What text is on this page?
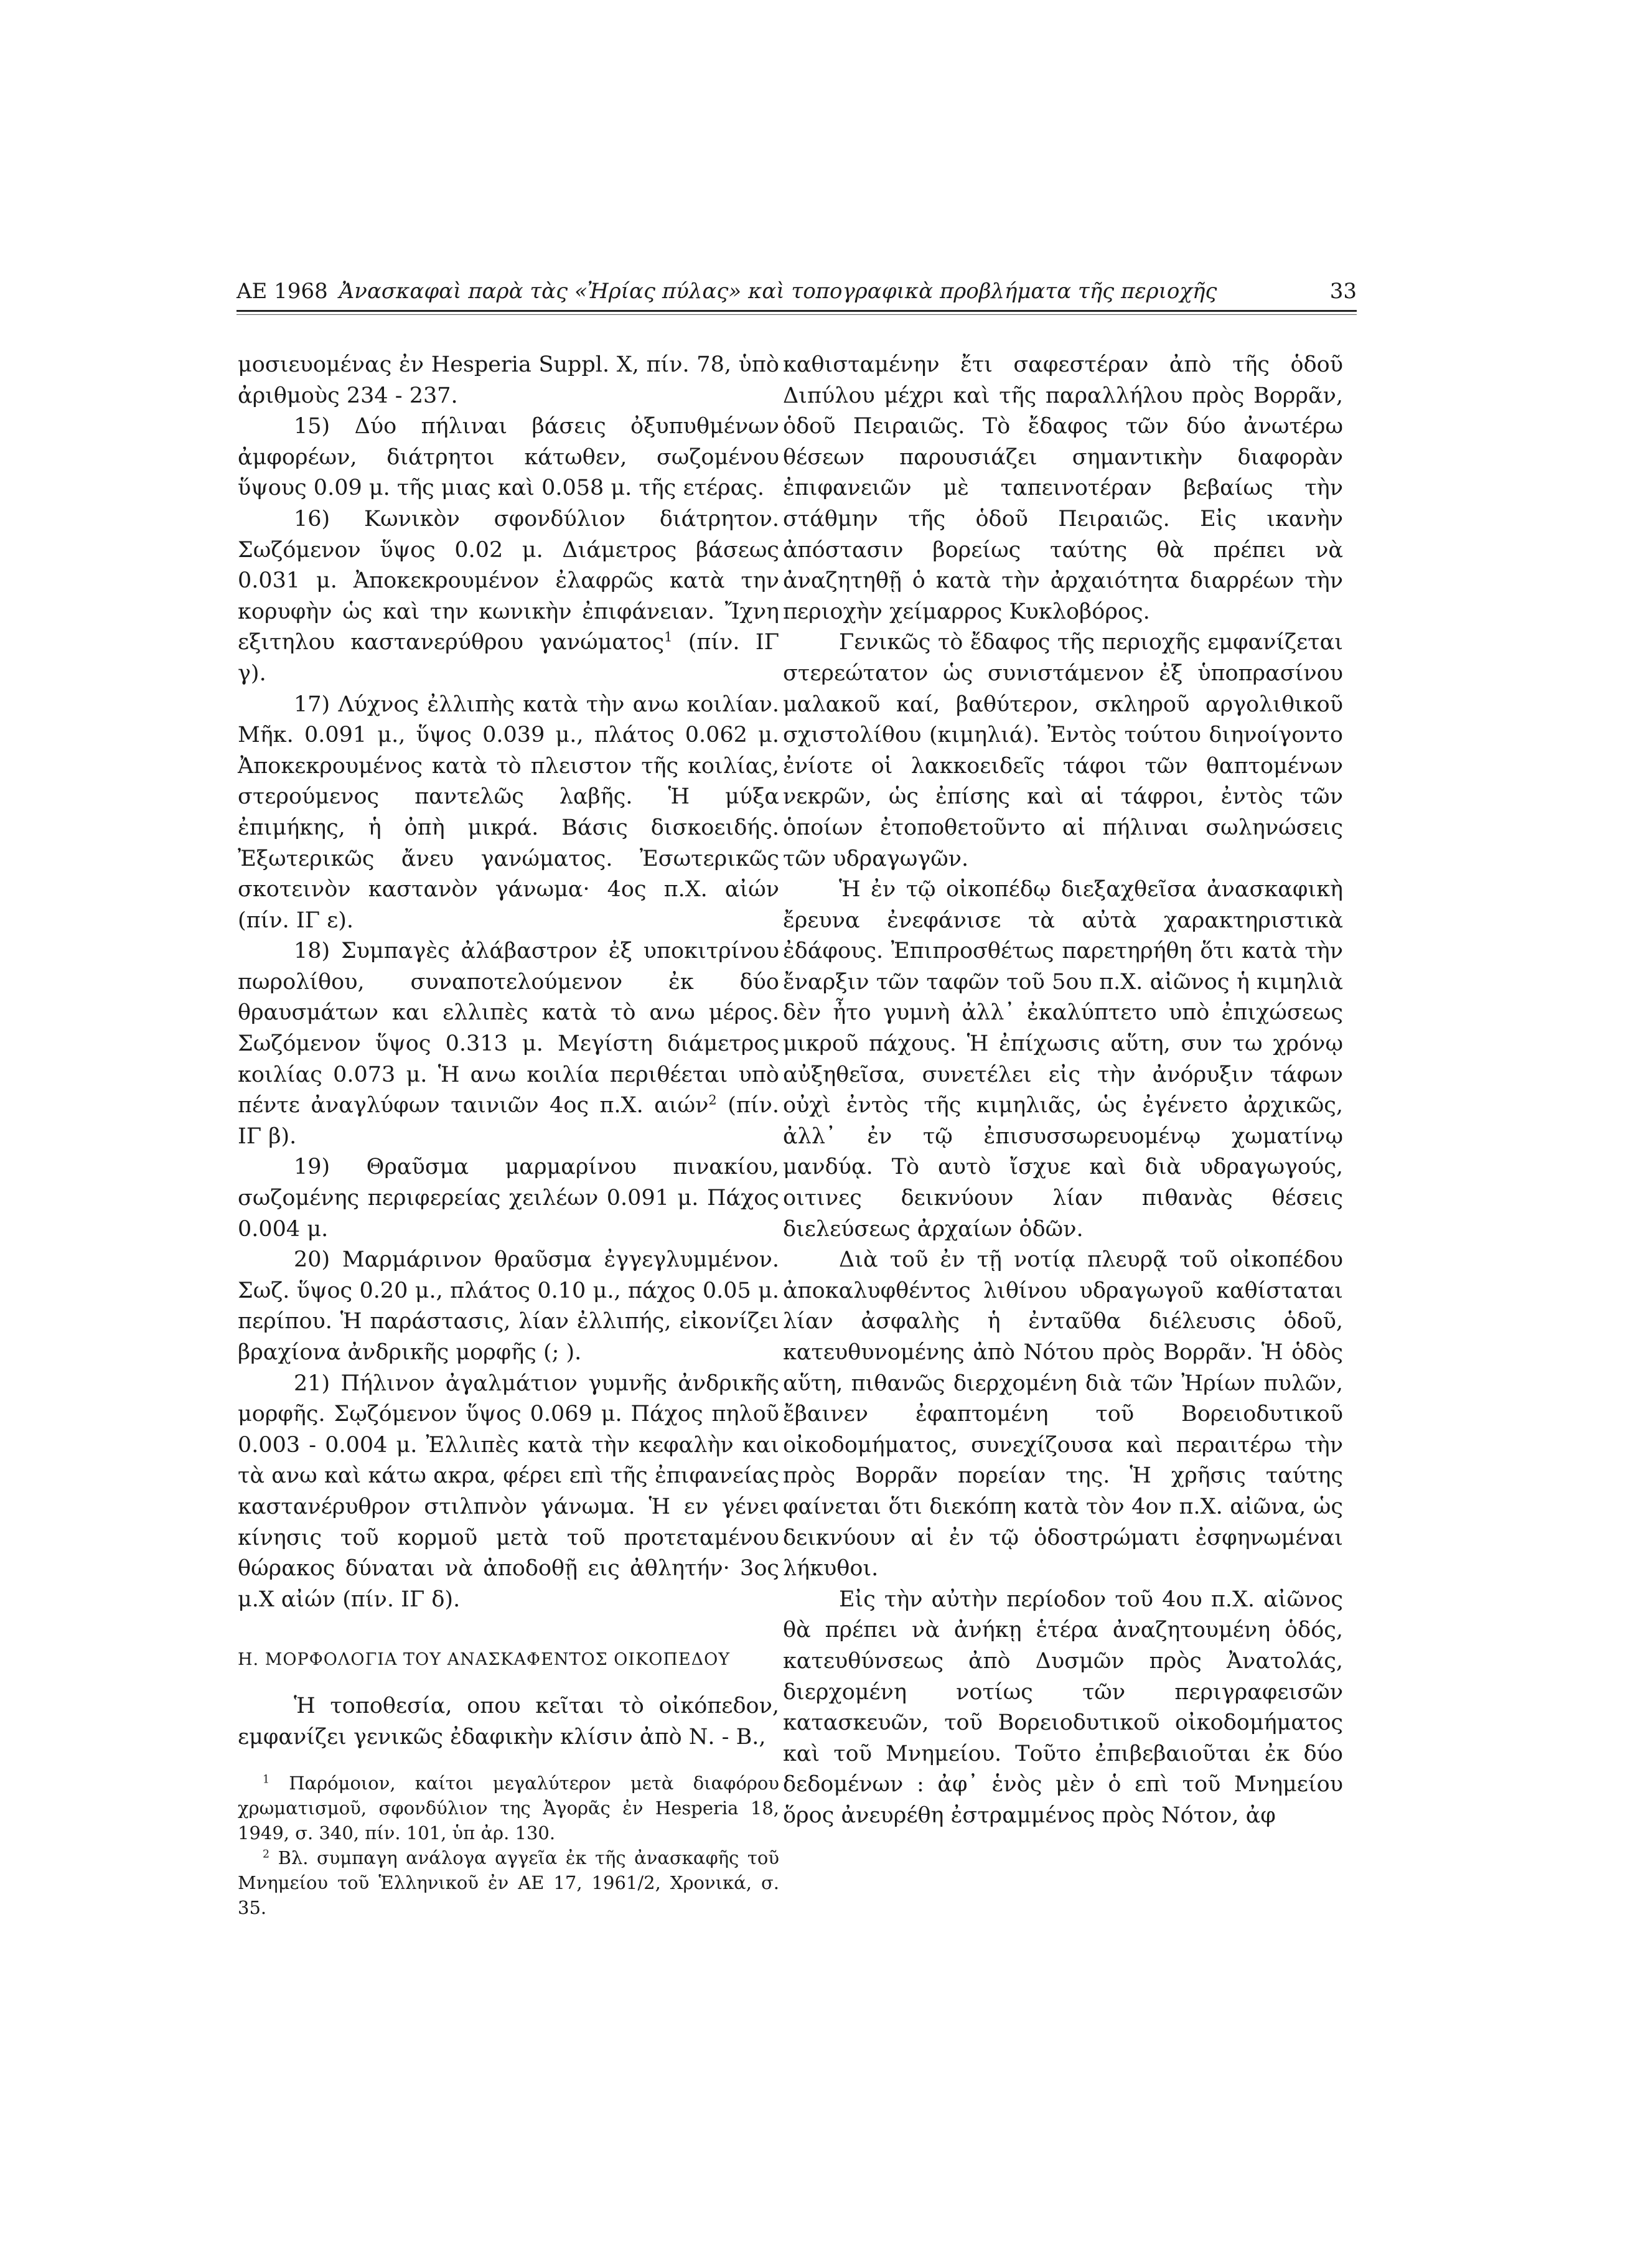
ΑΕ 1968 Ἀνασκαφαὶ παρὰ τὰς «Ἠρίας πύλας» καὶ τοπογραφικὰ προβλήματα τῆς περιοχῆς	33

μοσιευομένας ἐν Hesperia Suppl. X, πίν. 78, ὑπὸ ἀριθμοὺς 234 - 237.

15) Δύο πήλιναι βάσεις ὀξυπυθμένων ἀμφορέων, διάτρητοι κάτωθεν, σωζομένου ὕψους 0.09 μ. τῆς μιας καὶ 0.058 μ. τῆς ετέρας.

16) Κωνικὸν σφονδύλιον διάτρητον. Σωζόμενον ὕψος 0.02 μ. Διάμετρος βάσεως 0.031 μ. Ἀποκεκρουμένον ἐλαφρῶς κατὰ την κορυφὴν ὡς καὶ την κωνικὴν ἐπιφάνειαν. Ἴχνη εξιτηλου καστανερύθρου γανώματος$^1$ (πίν. ΙΓ γ).

17) Λύχνος ἐλλιπὴς κατὰ τὴν ανω κοιλίαν. Μῆκ. 0.091 μ., ὕψος 0.039 μ., πλάτος 0.062 μ. Ἀποκεκρουμένος κατὰ τὸ πλειστον τῆς κοιλίας, στερούμενος παντελῶς λαβῆς. Ἡ μύξα ἐπιμήκης, ἡ ὀπὴ μικρά. Βάσις δισκοειδής. Ἐξωτερικῶς ἄνευ γανώματος. Ἐσωτερικῶς σκοτεινὸν καστανὸν γάνωμα· 4ος π.Χ. αἰών (πίν. ΙΓ ε).

18) Συμπαγὲς ἀλάβαστρον ἐξ υποκιτρίνου πωρολίθου, συναποτελούμενον ἐκ δύο θραυσμάτων και ελλιπὲς κατὰ τὸ ανω μέρος. Σωζόμενον ὕψος 0.313 μ. Μεγίστη διάμετρος κοιλίας 0.073 μ. Ἡ ανω κοιλία περιθέεται υπὸ πέντε ἀναγλύφων ταινιῶν 4ος π.Χ. αιών$^2$ (πίν. ΙΓ β).

19) Θραῦσμα μαρμαρίνου πινακίου, σωζομένης περιφερείας χειλέων 0.091 μ. Πάχος 0.004 μ.

20) Μαρμάρινον θραῦσμα ἐγγεγλυμμένον. Σωζ. ὕψος 0.20 μ., πλάτος 0.10 μ., πάχος 0.05 μ. περίπου. Ἡ παράστασις, λίαν ἐλλιπής, εἰκονίζει βραχίονα ἀνδρικῆς μορφῆς (; ).

21) Πήλινον ἀγαλμάτιον γυμνῆς ἀνδρικῆς μορφῆς. Σῳζόμενον ὕψος 0.069 μ. Πάχος πηλοῦ 0.003 - 0.004 μ. Ἐλλιπὲς κατὰ τὴν κεφαλὴν και τὰ ανω καὶ κάτω ακρα, φέρει επὶ τῆς ἐπιφανείας καστανέρυθρον στιλπνὸν γάνωμα. Ἡ εν γένει κίνησις τοῦ κορμοῦ μετὰ τοῦ προτεταμένου θώρακος δύναται νὰ ἀποδοθῇ εις ἀθλητήν· 3ος μ.Χ αἰών (πίν. ΙΓ δ).

Η. ΜΟΡΦΟΛΟΓΙΑ ΤΟΥ ΑΝΑΣΚΑΦΕΝΤΟΣ ΟΙΚΟΠΕΔΟΥ

Ἡ τοποθεσία, οπου κεῖται τὸ οἰκόπεδον, εμφανίζει γενικῶς ἐδαφικὴν κλίσιν ἀπὸ Ν. - Β.,

$^1$ Παρόμοιον, καίτοι μεγαλύτερον μετὰ διαφόρου χρωματισμοῦ, σφονδύλιον της Ἀγορᾶς ἐν Hesperia 18, 1949, σ. 340, πίν. 101, ὑπ ἀρ. 130.

$^2$ Βλ. συμπαγη ανάλογα αγγεῖα ἐκ τῆς ἀνασκαφῆς τοῦ Μνημείου τοῦ Ἑλληνικοῦ ἐν ΑΕ 17, 1961/2, Χρονικά, σ. 35.

καθισταμένην ἔτι σαφεστέραν ἀπὸ τῆς ὁδοῦ Διπύλου μέχρι καὶ τῆς παραλλήλου πρὸς Βορρᾶν, ὁδοῦ Πειραιῶς. Τὸ ἔδαφος τῶν δύο ἀνωτέρω θέσεων παρουσιάζει σημαντικὴν διαφορὰν ἐπιφανειῶν μὲ ταπεινοτέραν βεβαίως τὴν στάθμην τῆς ὁδοῦ Πειραιῶς. Εἰς ικανὴν ἀπόστασιν βορείως ταύτης θὰ πρέπει νὰ ἀναζητηθῇ ὁ κατὰ τὴν ἀρχαιότητα διαρρέων τὴν περιοχὴν χείμαρρος Κυκλοβόρος.

Γενικῶς τὸ ἔδαφος τῆς περιοχῆς εμφανίζεται στερεώτατον ὡς συνιστάμενον ἐξ ὑποπρασίνου μαλακοῦ καί, βαθύτερον, σκληροῦ αργολιθικοῦ σχιστολίθου (κιμηλιά). Ἐντὸς τούτου διηνοίγοντο ἐνίοτε οἱ λακκοειδεῖς τάφοι τῶν θαπτομένων νεκρῶν, ὡς ἐπίσης καὶ αἱ τάφροι, ἐντὸς τῶν ὁποίων ἐτοποθετοῦντο αἱ πήλιναι σωληνώσεις τῶν υδραγωγῶν.

Ἡ ἐν τῷ οἰκοπέδῳ διεξαχθεῖσα ἀνασκαφικὴ ἔρευνα ἐνεφάνισε τὰ αὐτὰ χαρακτηριστικὰ ἐδάφους. Ἐπιπροσθέτως παρετηρήθη ὅτι κατὰ τὴν ἔναρξιν τῶν ταφῶν τοῦ 5ου π.Χ. αἰῶνος ἡ κιμηλιὰ δὲν ἦτο γυμνὴ ἀλλ᾽ ἐκαλύπτετο υπὸ ἐπιχώσεως μικροῦ πάχους. Ἡ ἐπίχωσις αὕτη, συν τω χρόνῳ αὐξηθεῖσα, συνετέλει εἰς τὴν ἀνόρυξιν τάφων οὐχὶ ἐντὸς τῆς κιμηλιᾶς, ὡς ἐγένετο ἀρχικῶς, ἀλλ᾽ ἐν τῷ ἐπισυσσωρευομένῳ χωματίνῳ μανδύᾳ. Τὸ αυτὸ ἴσχυε καὶ διὰ υδραγωγούς, οιτινες δεικνύουν λίαν πιθανὰς θέσεις διελεύσεως ἀρχαίων ὁδῶν.

Διὰ τοῦ ἐν τῇ νοτίᾳ πλευρᾷ τοῦ οἰκοπέδου ἀποκαλυφθέντος λιθίνου υδραγωγοῦ καθίσταται λίαν ἀσφαλὴς ἡ ἐνταῦθα διέλευσις ὁδοῦ, κατευθυνομένης ἀπὸ Νότου πρὸς Βορρᾶν. Ἡ ὁδὸς αὕτη, πιθανῶς διερχομένη διὰ τῶν Ἠρίων πυλῶν, ἔβαινεν ἐφαπτομένη τοῦ Βορειοδυτικοῦ οἰκοδομήματος, συνεχίζουσα καὶ περαιτέρω τὴν πρὸς Βορρᾶν πορείαν της. Ἡ χρῆσις ταύτης φαίνεται ὅτι διεκόπη κατὰ τὸν 4ον π.Χ. αἰῶνα, ὡς δεικνύουν αἱ ἐν τῷ ὁδοστρώματι ἐσφηνωμέναι λήκυθοι.

Εἰς τὴν αὐτὴν περίοδον τοῦ 4ου π.Χ. αἰῶνος θὰ πρέπει νὰ ἀνήκῃ ἑτέρα ἀναζητουμένη ὁδός, κατευθύνσεως ἀπὸ Δυσμῶν πρὸς Ἀνατολάς, διερχομένη νοτίως τῶν περιγραφεισῶν κατασκευῶν, τοῦ Βορειοδυτικοῦ οἰκοδομήματος καὶ τοῦ Μνημείου. Τοῦτο ἐπιβεβαιοῦται ἐκ δύο δεδομένων : ἀφ᾽ ἑνὸς μὲν ὁ επὶ τοῦ Μνημείου ὅρος ἀνευρέθη ἐστραμμένος πρὸς Νότον, ἀφ
